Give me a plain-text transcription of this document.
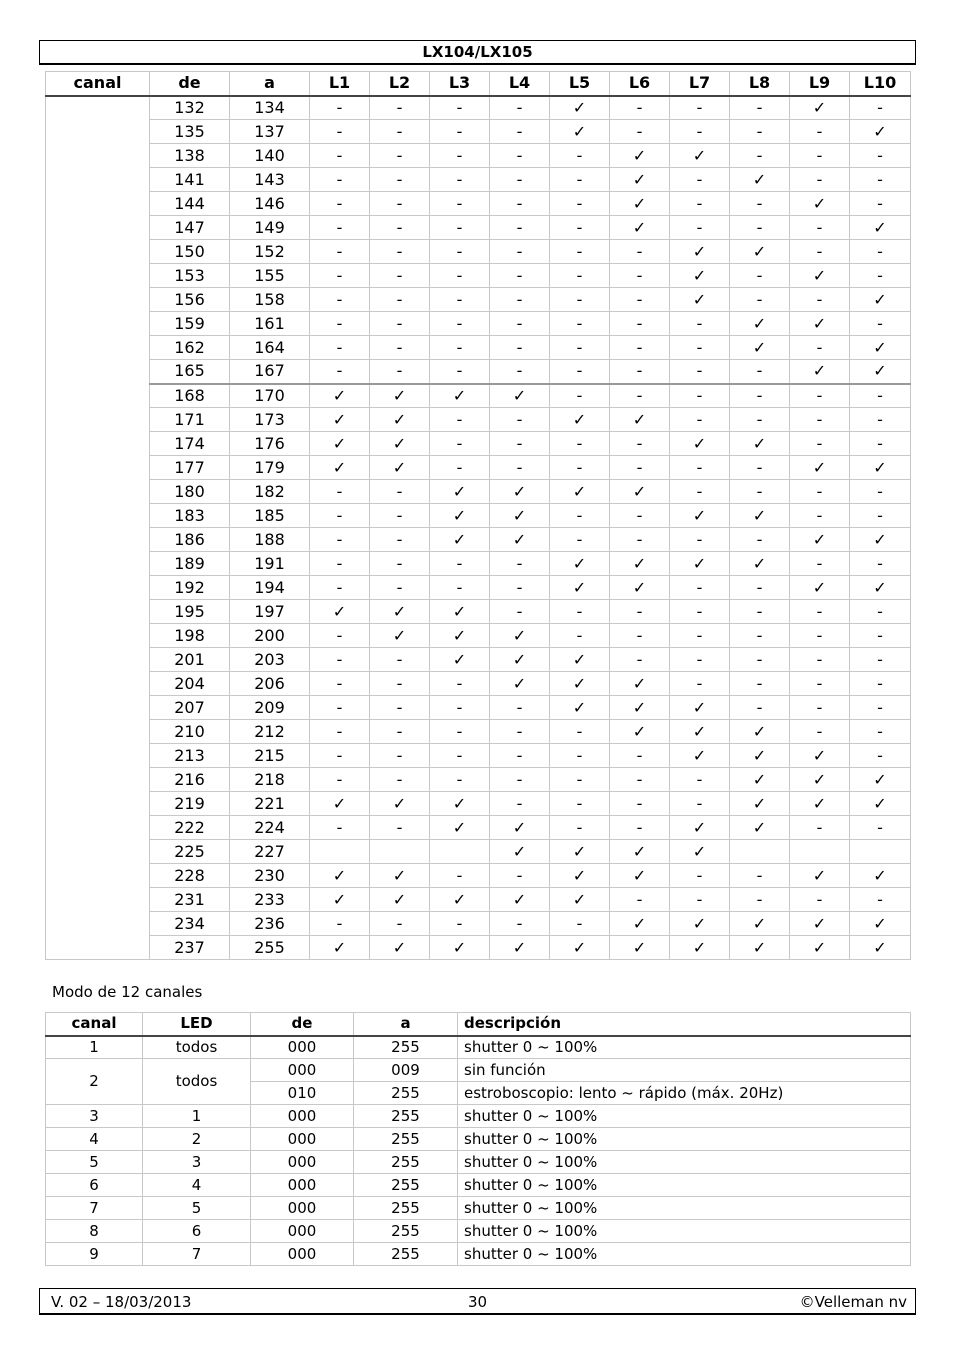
LX104/LX105
canal	de	a	L1	L2	L3	L4	L5	L6	L7	L8	L9	L10
	132	134	-	-	-	-	✓	-	-	-	✓	-
	135	137	-	-	-	-	✓	-	-	-	-	✓
	138	140	-	-	-	-	-	✓	✓	-	-	-
	141	143	-	-	-	-	-	✓	-	✓	-	-
	144	146	-	-	-	-	-	✓	-	-	✓	-
	147	149	-	-	-	-	-	✓	-	-	-	✓
	150	152	-	-	-	-	-	-	✓	✓	-	-
	153	155	-	-	-	-	-	-	✓	-	✓	-
	156	158	-	-	-	-	-	-	✓	-	-	✓
	159	161	-	-	-	-	-	-	-	✓	✓	-
	162	164	-	-	-	-	-	-	-	✓	-	✓
	165	167	-	-	-	-	-	-	-	-	✓	✓
	168	170	✓	✓	✓	✓	-	-	-	-	-	-
	171	173	✓	✓	-	-	✓	✓	-	-	-	-
	174	176	✓	✓	-	-	-	-	✓	✓	-	-
	177	179	✓	✓	-	-	-	-	-	-	✓	✓
	180	182	-	-	✓	✓	✓	✓	-	-	-	-
	183	185	-	-	✓	✓	-	-	✓	✓	-	-
	186	188	-	-	✓	✓	-	-	-	-	✓	✓
	189	191	-	-	-	-	✓	✓	✓	✓	-	-
	192	194	-	-	-	-	✓	✓	-	-	✓	✓
	195	197	✓	✓	✓	-	-	-	-	-	-	-
	198	200	-	✓	✓	✓	-	-	-	-	-	-
	201	203	-	-	✓	✓	✓	-	-	-	-	-
	204	206	-	-	-	✓	✓	✓	-	-	-	-
	207	209	-	-	-	-	✓	✓	✓	-	-	-
	210	212	-	-	-	-	-	✓	✓	✓	-	-
	213	215	-	-	-	-	-	-	✓	✓	✓	-
	216	218	-	-	-	-	-	-	-	✓	✓	✓
	219	221	✓	✓	✓	-	-	-	-	✓	✓	✓
	222	224	-	-	✓	✓	-	-	✓	✓	-	-
	225	227				✓	✓	✓	✓			
	228	230	✓	✓	-	-	✓	✓	-	-	✓	✓
	231	233	✓	✓	✓	✓	✓	-	-	-	-	-
	234	236	-	-	-	-	-	✓	✓	✓	✓	✓
	237	255	✓	✓	✓	✓	✓	✓	✓	✓	✓	✓
Modo de 12 canales
canal	LED	de	a	descripción
1	todos	000	255	shutter 0 ~ 100%
2	todos	000	009	sin función
		010	255	estroboscopio: lento ~ rápido (máx. 20Hz)
3	1	000	255	shutter 0 ~ 100%
4	2	000	255	shutter 0 ~ 100%
5	3	000	255	shutter 0 ~ 100%
6	4	000	255	shutter 0 ~ 100%
7	5	000	255	shutter 0 ~ 100%
8	6	000	255	shutter 0 ~ 100%
9	7	000	255	shutter 0 ~ 100%
V. 02 – 18/03/2013	30	©Velleman nv
